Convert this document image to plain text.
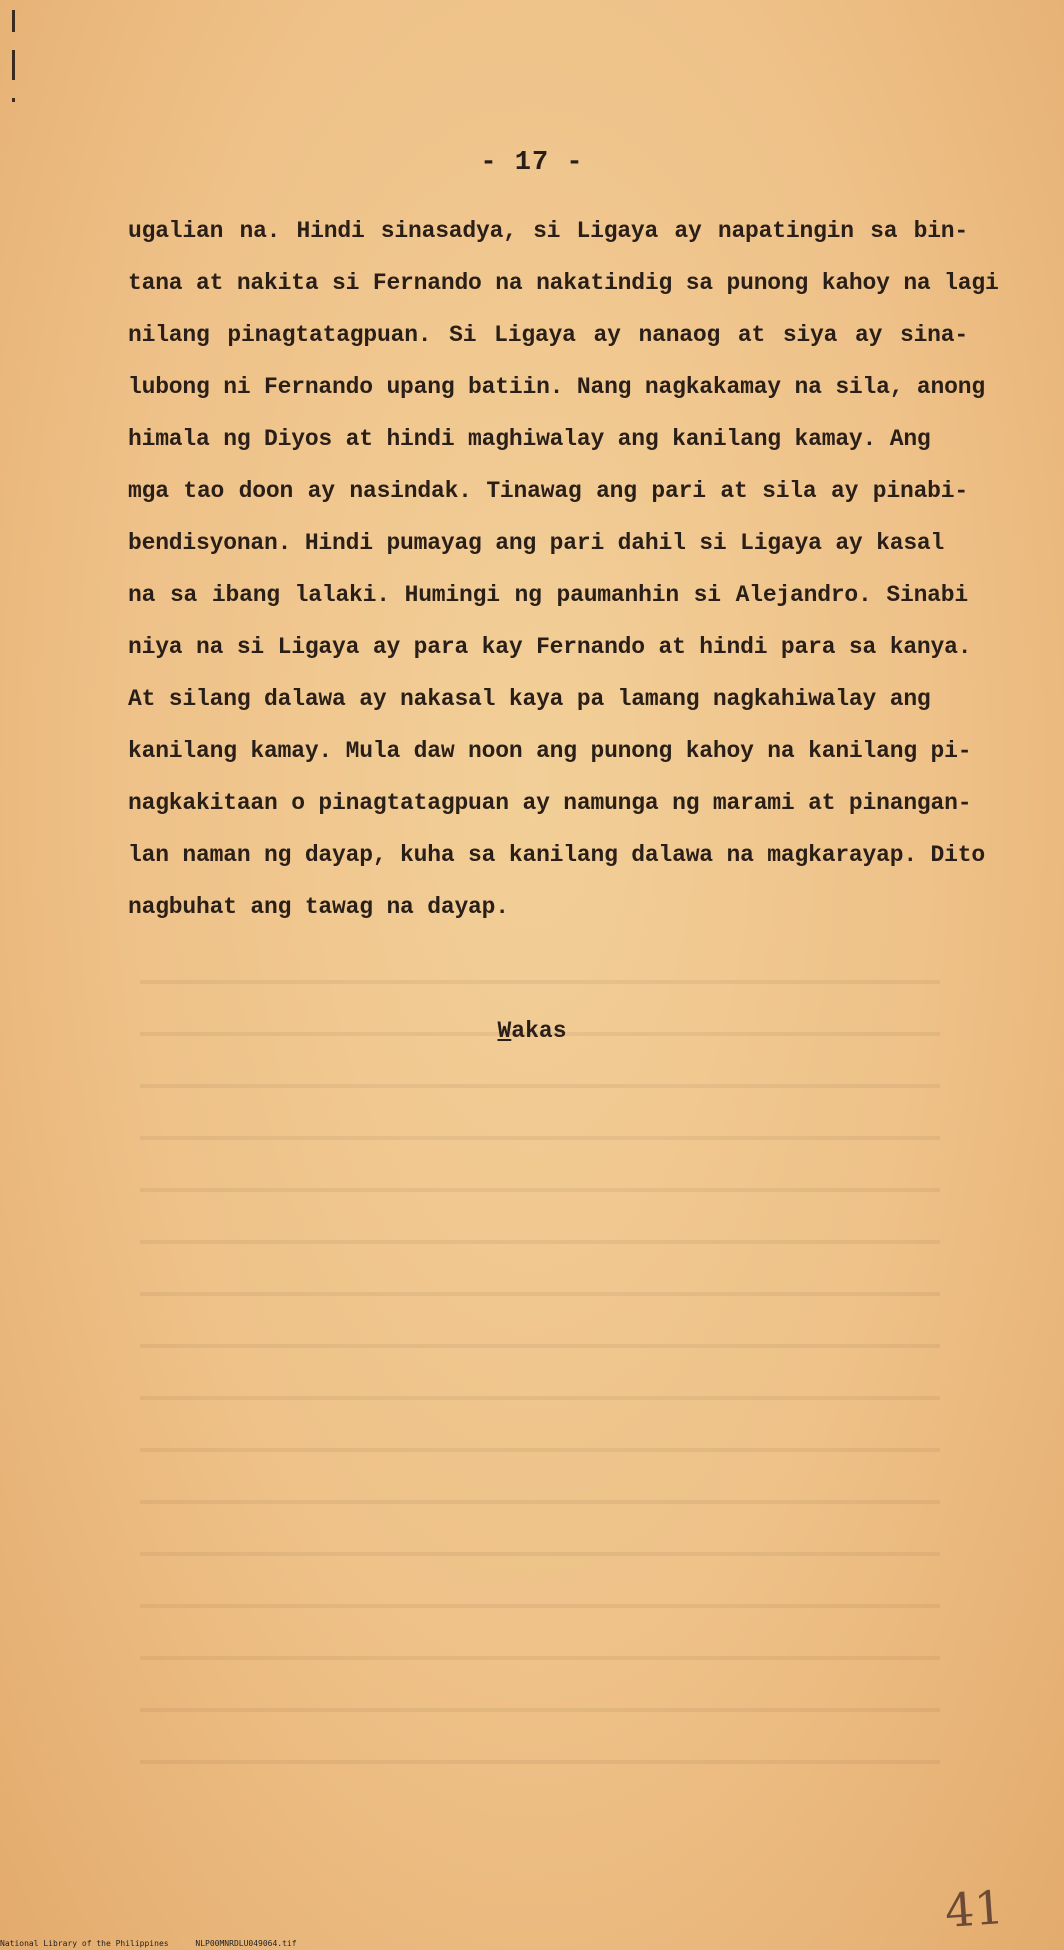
- 17 -
ugalian na. Hindi sinasadya, si Ligaya ay napatingin sa bin-
tana at nakita si Fernando na nakatindig sa punong kahoy na lagi
nilang pinagtatagpuan. Si Ligaya ay nanaog at siya ay sina-
lubong ni Fernando upang batiin. Nang nagkakamay na sila, anong
himala ng Diyos at hindi maghiwalay ang kanilang kamay. Ang
mga tao doon ay nasindak. Tinawag ang pari at sila ay pinabi-
bendisyonan. Hindi pumayag ang pari dahil si Ligaya ay kasal
na sa ibang lalaki. Humingi ng paumanhin si Alejandro. Sinabi
niya na si Ligaya ay para kay Fernando at hindi para sa kanya.
At silang dalawa ay nakasal kaya pa lamang nagkahiwalay ang
kanilang kamay. Mula daw noon ang punong kahoy na kanilang pi-
nagkakitaan o pinagtatagpuan ay namunga ng marami at pinangan-
lan naman ng dayap, kuha sa kanilang dalawa na magkarayap. Dito
nagbuhat ang tawag na dayap.
Wakas
41
National Library of the Philippines	NLP00MNRDLU049064.tif
